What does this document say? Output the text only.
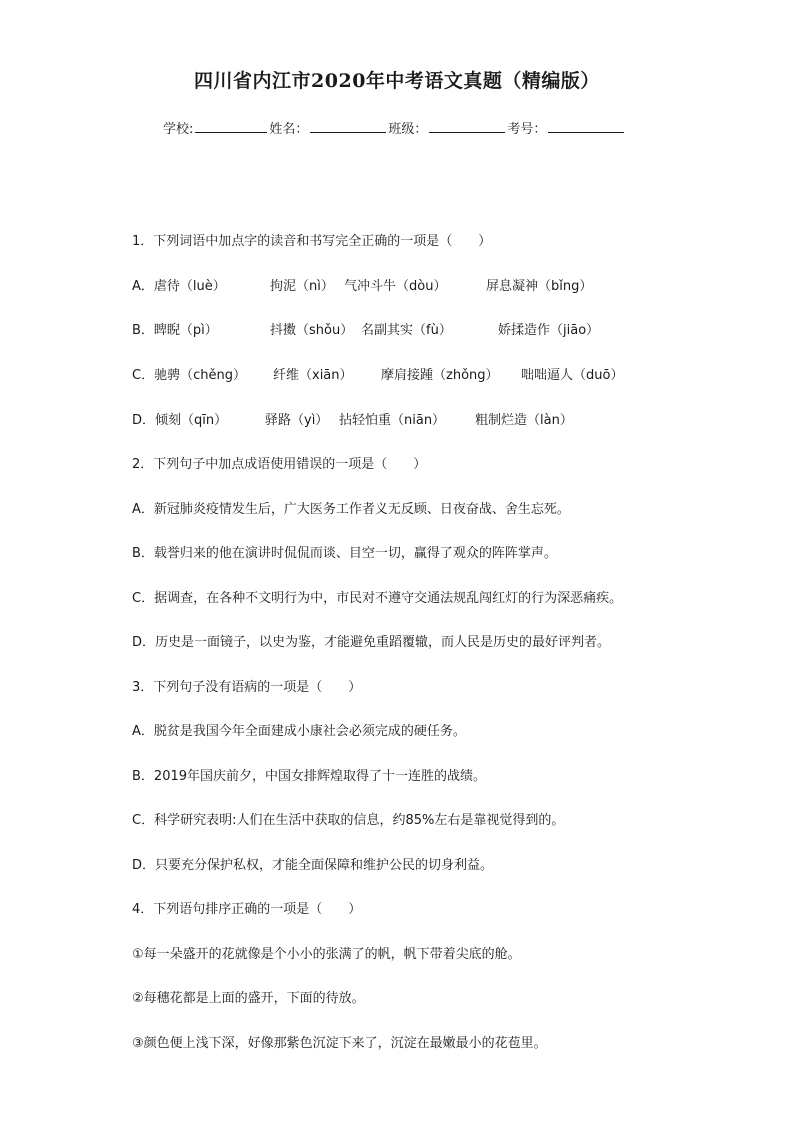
四川省内江市2020年中考语文真题（精编版）
学校:	姓名：	班级：	考号：
1．下列词语中加点字的读音和书写完全正确的一项是（　　）
A．虐待（luè）	拘泥（nì） 气冲斗牛（dòu）	屏息凝神（bǐng）
B．睥睨（pì）	抖擞（shǒu） 名副其实（fù）	娇揉造作（jiāo）
C．驰骋（chěng） 纤维（xiān） 摩肩接踵（zhǒng） 咄咄逼人（duō）
D．倾刻（qīn）	驿路（yì） 拈轻怕重（niān） 粗制烂造（làn）
2．下列句子中加点成语使用错误的一项是（　　）
A．新冠肺炎疫情发生后，广大医务工作者义无反顾、日夜奋战、舍生忘死。
B．载誉归来的他在演讲时侃侃而谈、目空一切，赢得了观众的阵阵掌声。
C．据调查，在各种不文明行为中，市民对不遵守交通法规乱闯红灯的行为深恶痛疾。
D．历史是一面镜子，以史为鉴，才能避免重蹈覆辙，而人民是历史的最好评判者。
3．下列句子没有语病的一项是（　　）
A．脱贫是我国今年全面建成小康社会必须完成的硬任务。
B．2019年国庆前夕，中国女排辉煌取得了十一连胜的战绩。
C．科学研究表明:人们在生活中获取的信息，约85%左右是靠视觉得到的。
D．只要充分保护私权，才能全面保障和维护公民的切身利益。
4．下列语句排序正确的一项是（　　）
①每一朵盛开的花就像是个小小的张满了的帆，帆下带着尖底的舱。
②每穗花都是上面的盛开，下面的待放。
③颜色便上浅下深，好像那紫色沉淀下来了，沉淀在最嫩最小的花苞里。
